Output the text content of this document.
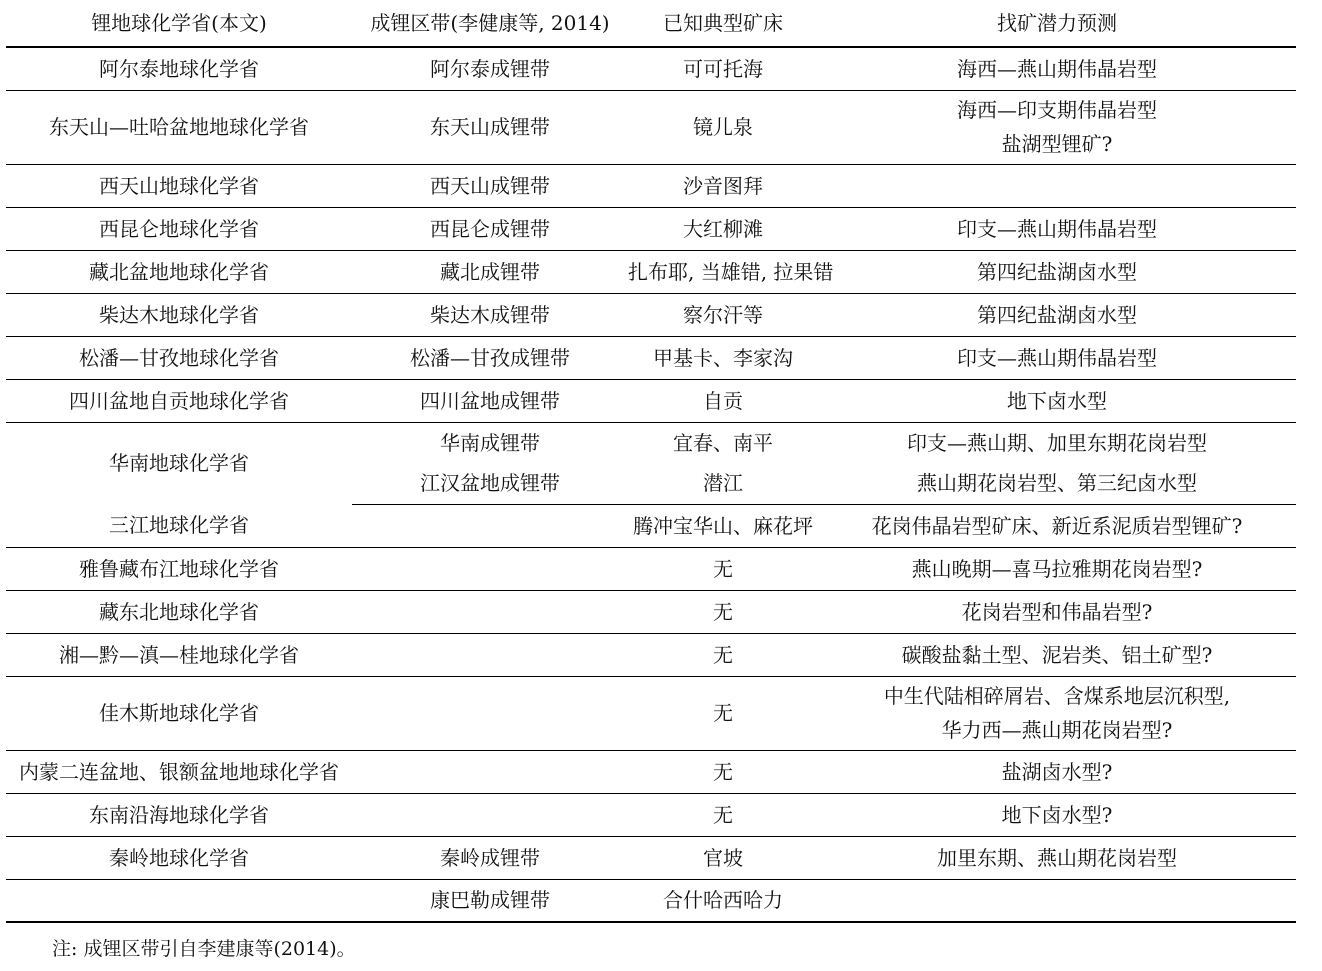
锂地球化学省(本文)	成锂区带(李健康等, 2014)	已知典型矿床	找矿潜力预测
阿尔泰地球化学省	阿尔泰成锂带	可可托海	海西—燕山期伟晶岩型

东天山—吐哈盆地地球化学省	东天山成锂带	镜儿泉	海西—印支期伟晶岩型
盐湖型锂矿?

西天山地球化学省	西天山成锂带	沙音图拜	

西昆仑地球化学省	西昆仑成锂带	大红柳滩	印支—燕山期伟晶岩型

藏北盆地地球化学省	藏北成锂带	扎布耶, 当雄错, 拉果错	第四纪盐湖卤水型

柴达木地球化学省	柴达木成锂带	察尔汗等	第四纪盐湖卤水型

松潘—甘孜地球化学省	松潘—甘孜成锂带	甲基卡、李家沟	印支—燕山期伟晶岩型

四川盆地自贡地球化学省	四川盆地成锂带	自贡	地下卤水型

华南地球化学省	华南成锂带	宜春、南平	印支—燕山期、加里东期花岗岩型

	江汉盆地成锂带	潜江	燕山期花岗岩型、第三纪卤水型

三江地球化学省		腾冲宝华山、麻花坪	花岗伟晶岩型矿床、新近系泥质岩型锂矿?

雅鲁藏布江地球化学省		无	燕山晚期—喜马拉雅期花岗岩型?

藏东北地球化学省		无	花岗岩型和伟晶岩型?

湘—黔—滇—桂地球化学省		无	碳酸盐黏土型、泥岩类、铝土矿型?

佳木斯地球化学省		无	中生代陆相碎屑岩、含煤系地层沉积型,
华力西—燕山期花岗岩型?

内蒙二连盆地、银额盆地地球化学省		无	盐湖卤水型?

东南沿海地球化学省		无	地下卤水型?

秦岭地球化学省	秦岭成锂带	官坡	加里东期、燕山期花岗岩型

	康巴勒成锂带	合什哈西哈力	
注: 成锂区带引自李建康等(2014)。
